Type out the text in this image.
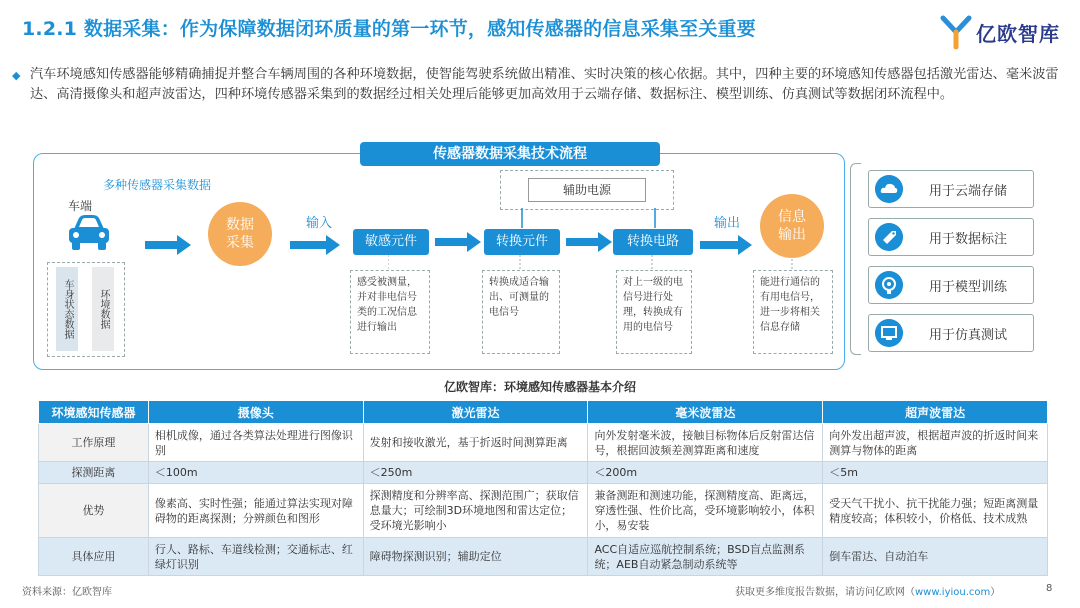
1.2.1 数据采集：作为保障数据闭环质量的第一环节，感知传感器的信息采集至关重要	亿欧智库
◆ 汽车环境感知传感器能够精确捕捉并整合车辆周围的各种环境数据，使智能驾驶系统做出精准、实时决策的核心依据。其中，四种主要的环境感知传感器包括激光雷达、毫米波雷达、高清摄像头和超声波雷达，四种环境传感器采集到的数据经过相关处理后能够更加高效用于云端存储、数据标注、模型训练、仿真测试等数据闭环流程中。
传感器数据采集技术流程
多种传感器采集数据
车端
车身状态数据	环境数据
数据采集
输入
敏感元件	转换元件	转换电路
辅助电源
输出	信息输出
感受被测量，并对非电信号类的工况信息进行输出
转换成适合输出、可测量的电信号
对上一级的电信号进行处理，转换成有用的电信号
能进行通信的有用电信号，进一步将相关信息存储
用于云端存储
用于数据标注
用于模型训练
用于仿真测试
亿欧智库：环境感知传感器基本介绍
环境感知传感器	摄像头	激光雷达	毫米波雷达	超声波雷达
工作原理	相机成像，通过各类算法处理进行图像识别	发射和接收激光，基于折返时间测算距离	向外发射毫米波，接触目标物体后反射雷达信号，根据回波频差测算距离和速度	向外发出超声波，根据超声波的折返时间来测算与物体的距离
探测距离	＜100m	＜250m	＜200m	＜5m
优势	像素高、实时性强；能通过算法实现对障碍物的距离探测；分辨颜色和图形	探测精度和分辨率高、探测范围广；获取信息量大；可绘制3D环境地图和雷达定位；受环境光影响小	兼备测距和测速功能，探测精度高、距离远，穿透性强、性价比高，受环境影响较小，体积小，易安装	受天气干扰小、抗干扰能力强；短距离测量精度较高；体积较小，价格低、技术成熟
具体应用	行人、路标、车道线检测；交通标志、红绿灯识别	障碍物探测识别；辅助定位	ACC自适应巡航控制系统；BSD盲点监测系统；AEB自动紧急制动系统等	倒车雷达、自动泊车
资料来源：亿欧智库	获取更多维度报告数据，请访问亿欧网（www.iyiou.com）	8
